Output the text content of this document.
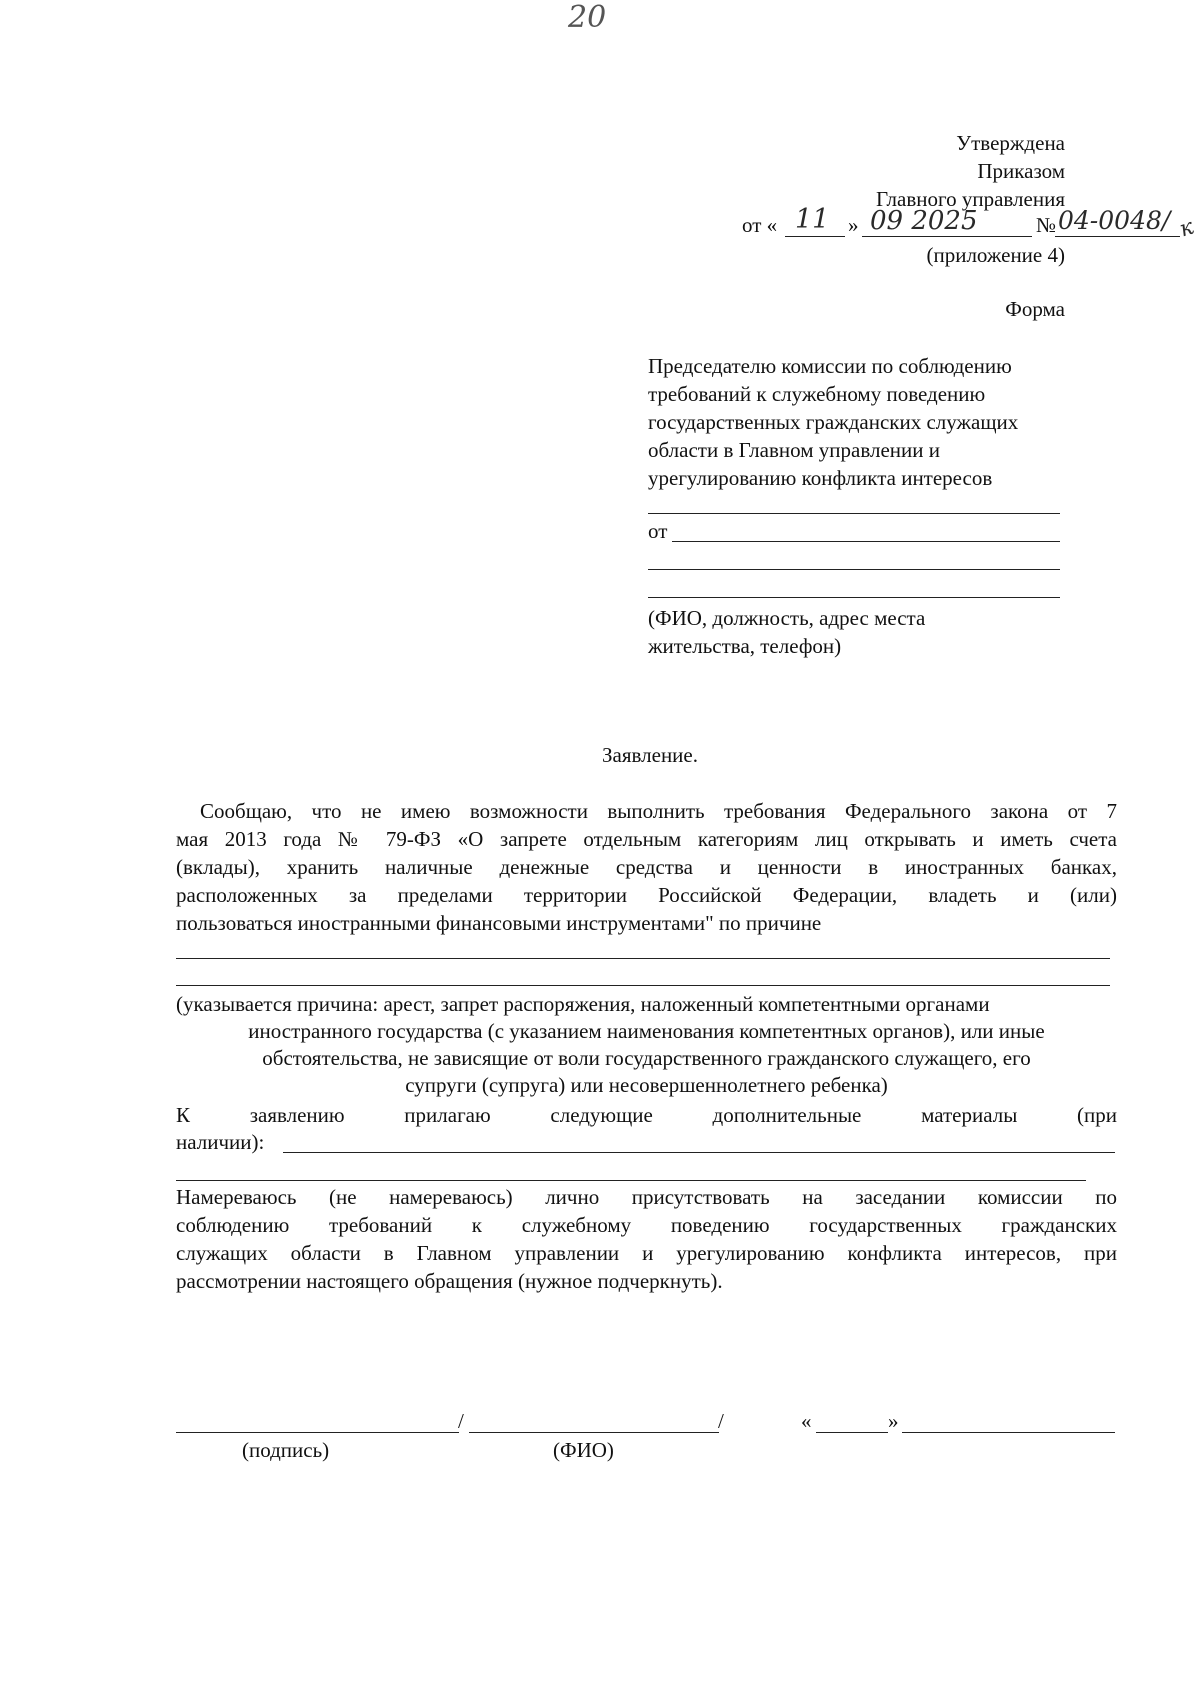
20
Утверждена
Приказом
Главного управления
от « 11 » 09 2025	№ 04-0048/ к
(приложение 4)
Форма
Председателю комиссии по соблюдению
требований к служебному поведению
государственных гражданских служащих
области в Главном управлении и
урегулированию конфликта интересов
от
(ФИО, должность, адрес места
жительства, телефон)
Заявление.
Сообщаю, что не имею возможности выполнить требования Федерального закона от 7
мая 2013 года № 79-ФЗ «О запрете отдельным категориям лиц открывать и иметь счета
(вклады), хранить наличные денежные средства и ценности в иностранных банках,
расположенных за пределами территории Российской Федерации, владеть и (или)
пользоваться иностранными финансовыми инструментами" по причине
(указывается причина: арест, запрет распоряжения, наложенный компетентными органами
иностранного государства (с указанием наименования компетентных органов), или иные
обстоятельства, не зависящие от воли государственного гражданского служащего, его
супруги (супруга) или несовершеннолетнего ребенка)
К заявлению прилагаю следующие дополнительные материалы (при
наличии):
Намереваюсь (не намереваюсь) лично присутствовать на заседании комиссии по
соблюдению требований к служебному поведению государственных гражданских
служащих области в Главном управлении и урегулированию конфликта интересов, при
рассмотрении настоящего обращения (нужное подчеркнуть).
/	/	«	»
(подпись)	(ФИО)
